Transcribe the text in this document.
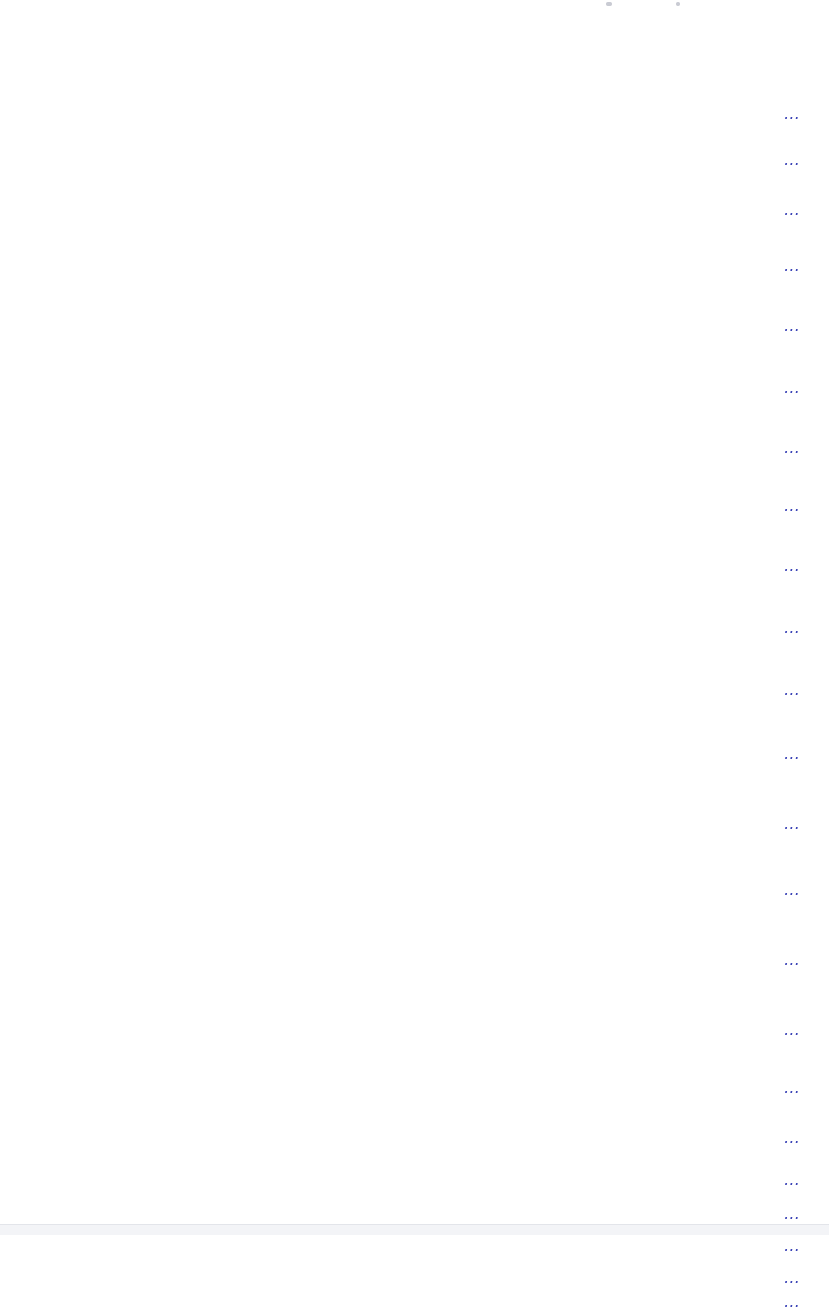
...
...
...
...
...
...
...
...
...
...
...
...
...
...
...
...
...
...
...
...
...
...
...
